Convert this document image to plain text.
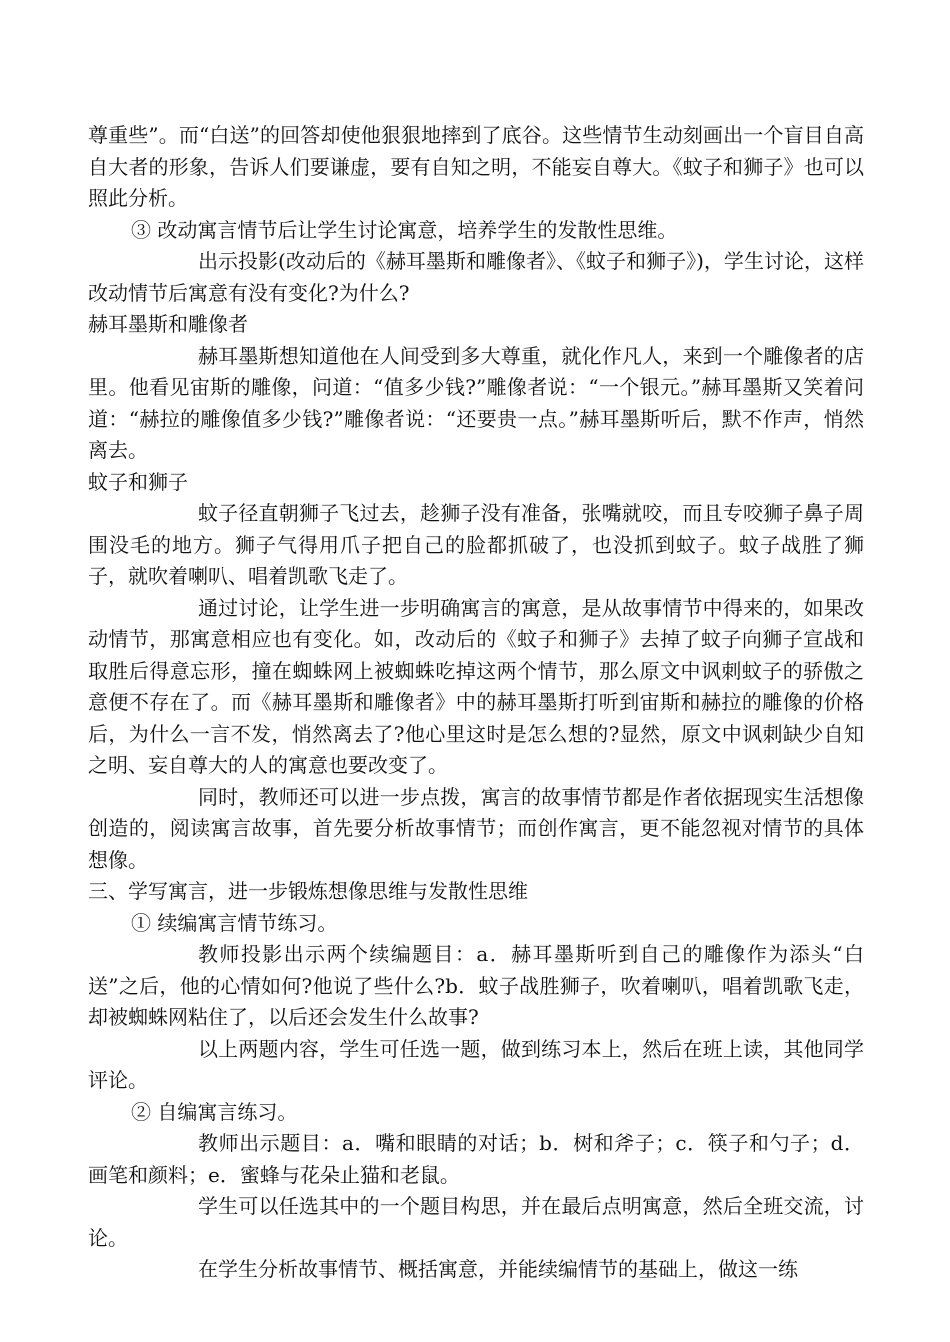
尊重些”。而“白送”的回答却使他狠狠地摔到了底谷。这些情节生动刻画出一个盲目自高自大者的形象，告诉人们要谦虚，要有自知之明，不能妄自尊大。《蚊子和狮子》也可以照此分析。

③ 改动寓言情节后让学生讨论寓意，培养学生的发散性思维。

出示投影(改动后的《赫耳墨斯和雕像者》、《蚊子和狮子》)，学生讨论，这样改动情节后寓意有没有变化?为什么?

赫耳墨斯和雕像者

赫耳墨斯想知道他在人间受到多大尊重，就化作凡人，来到一个雕像者的店里。他看见宙斯的雕像，问道：“值多少钱?”雕像者说：“一个银元。”赫耳墨斯又笑着问道：“赫拉的雕像值多少钱?”雕像者说：“还要贵一点。”赫耳墨斯听后，默不作声，悄然离去。

蚊子和狮子

蚊子径直朝狮子飞过去，趁狮子没有准备，张嘴就咬，而且专咬狮子鼻子周围没毛的地方。狮子气得用爪子把自己的脸都抓破了，也没抓到蚊子。蚊子战胜了狮子，就吹着喇叭、唱着凯歌飞走了。

通过讨论，让学生进一步明确寓言的寓意，是从故事情节中得来的，如果改动情节，那寓意相应也有变化。如，改动后的《蚊子和狮子》去掉了蚊子向狮子宣战和取胜后得意忘形，撞在蜘蛛网上被蜘蛛吃掉这两个情节，那么原文中讽刺蚊子的骄傲之意便不存在了。而《赫耳墨斯和雕像者》中的赫耳墨斯打听到宙斯和赫拉的雕像的价格后，为什么一言不发，悄然离去了?他心里这时是怎么想的?显然，原文中讽刺缺少自知之明、妄自尊大的人的寓意也要改变了。

同时，教师还可以进一步点拨，寓言的故事情节都是作者依据现实生活想像创造的，阅读寓言故事，首先要分析故事情节；而创作寓言，更不能忽视对情节的具体想像。

三、学写寓言，进一步锻炼想像思维与发散性思维

① 续编寓言情节练习。

教师投影出示两个续编题目：a．赫耳墨斯听到自己的雕像作为添头“白送”之后，他的心情如何?他说了些什么?b．蚊子战胜狮子，吹着喇叭，唱着凯歌飞走，却被蜘蛛网粘住了，以后还会发生什么故事?

以上两题内容，学生可任选一题，做到练习本上，然后在班上读，其他同学评论。

② 自编寓言练习。

教师出示题目：a．嘴和眼睛的对话；b．树和斧子；c．筷子和勺子；d．画笔和颜料；e．蜜蜂与花朵止猫和老鼠。

学生可以任选其中的一个题目构思，并在最后点明寓意，然后全班交流，讨论。

在学生分析故事情节、概括寓意，并能续编情节的基础上，做这一练
